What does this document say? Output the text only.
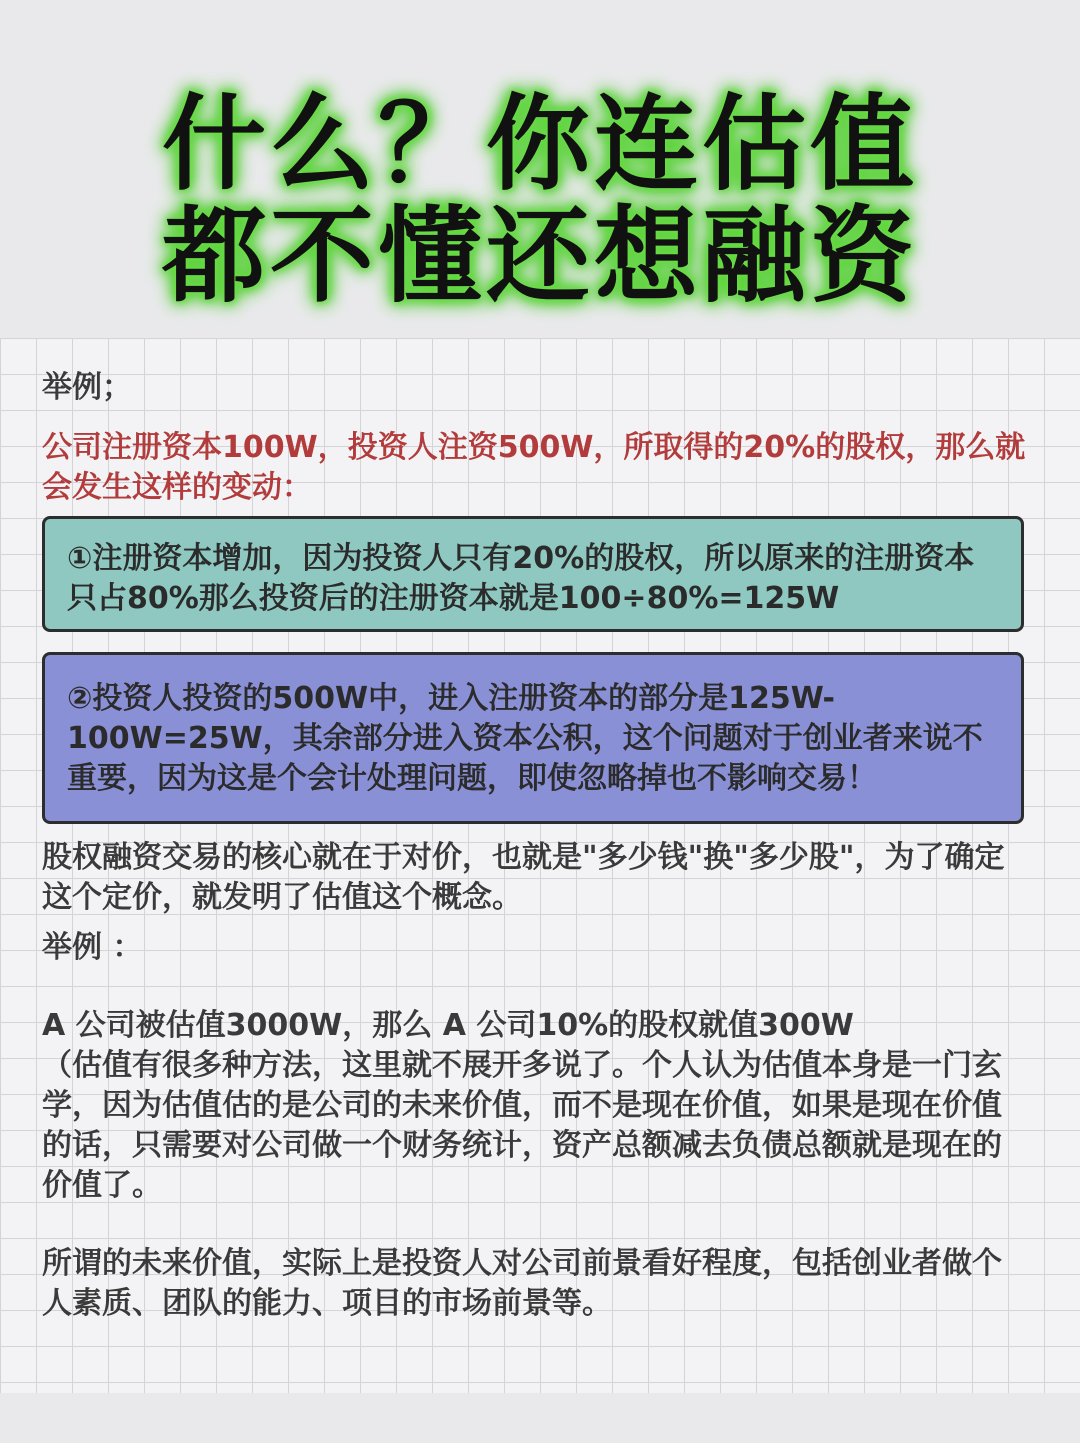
什么？你连估值
都不懂还想融资
举例；
公司注册资本100W，投资人注资500W，所取得的20%的股权，那么就会发生这样的变动：
①注册资本增加，因为投资人只有20%的股权，所以原来的注册资本只占80%那么投资后的注册资本就是100÷80%=125W
②投资人投资的500W中，进入注册资本的部分是125W-100W=25W，其余部分进入资本公积，这个问题对于创业者来说不重要，因为这是个会计处理问题，即使忽略掉也不影响交易！
股权融资交易的核心就在于对价，也就是"多少钱"换"多少股"，为了确定这个定价，就发明了估值这个概念。
举例 ：
A 公司被估值3000W，那么 A 公司10%的股权就值300W
（估值有很多种方法，这里就不展开多说了。个人认为估值本身是一门玄学，因为估值估的是公司的未来价值，而不是现在价值，如果是现在价值的话，只需要对公司做一个财务统计，资产总额减去负债总额就是现在的价值了。
所谓的未来价值，实际上是投资人对公司前景看好程度，包括创业者做个人素质、团队的能力、项目的市场前景等。
